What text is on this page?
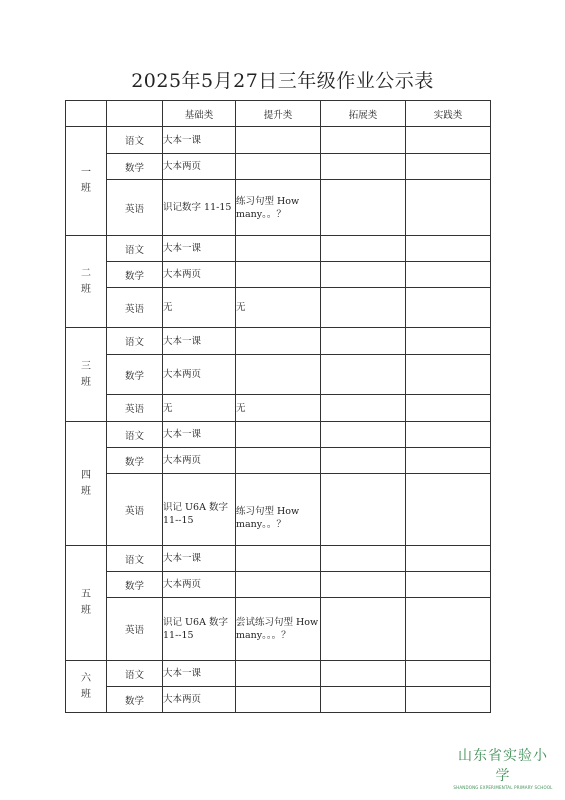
2025年5月27日三年级作业公示表
		基础类	提升类	拓展类	实践类
一
班	语文	大本一课			
	数学	大本两页			
	英语	识记数字 11-15	练习句型 How many。。？		
二
班	语文	大本一课			
	数学	大本两页			
	英语	无	无		
三
班	语文	大本一课			
	数学	大本两页			
	英语	无	无		
四
班	语文	大本一课			
	数学	大本两页			
	英语	识记 U6A 数字 11--15	练习句型 How many。。？		
五
班	语文	大本一课			
	数学	大本两页			
	英语	识记 U6A 数字 11--15	尝试练习句型 How many。。。？		
六
班	语文	大本一课			
	数学	大本两页			
山东省实验小学
SHANDONG EXPERIMENTAL PRIMARY SCHOOL
